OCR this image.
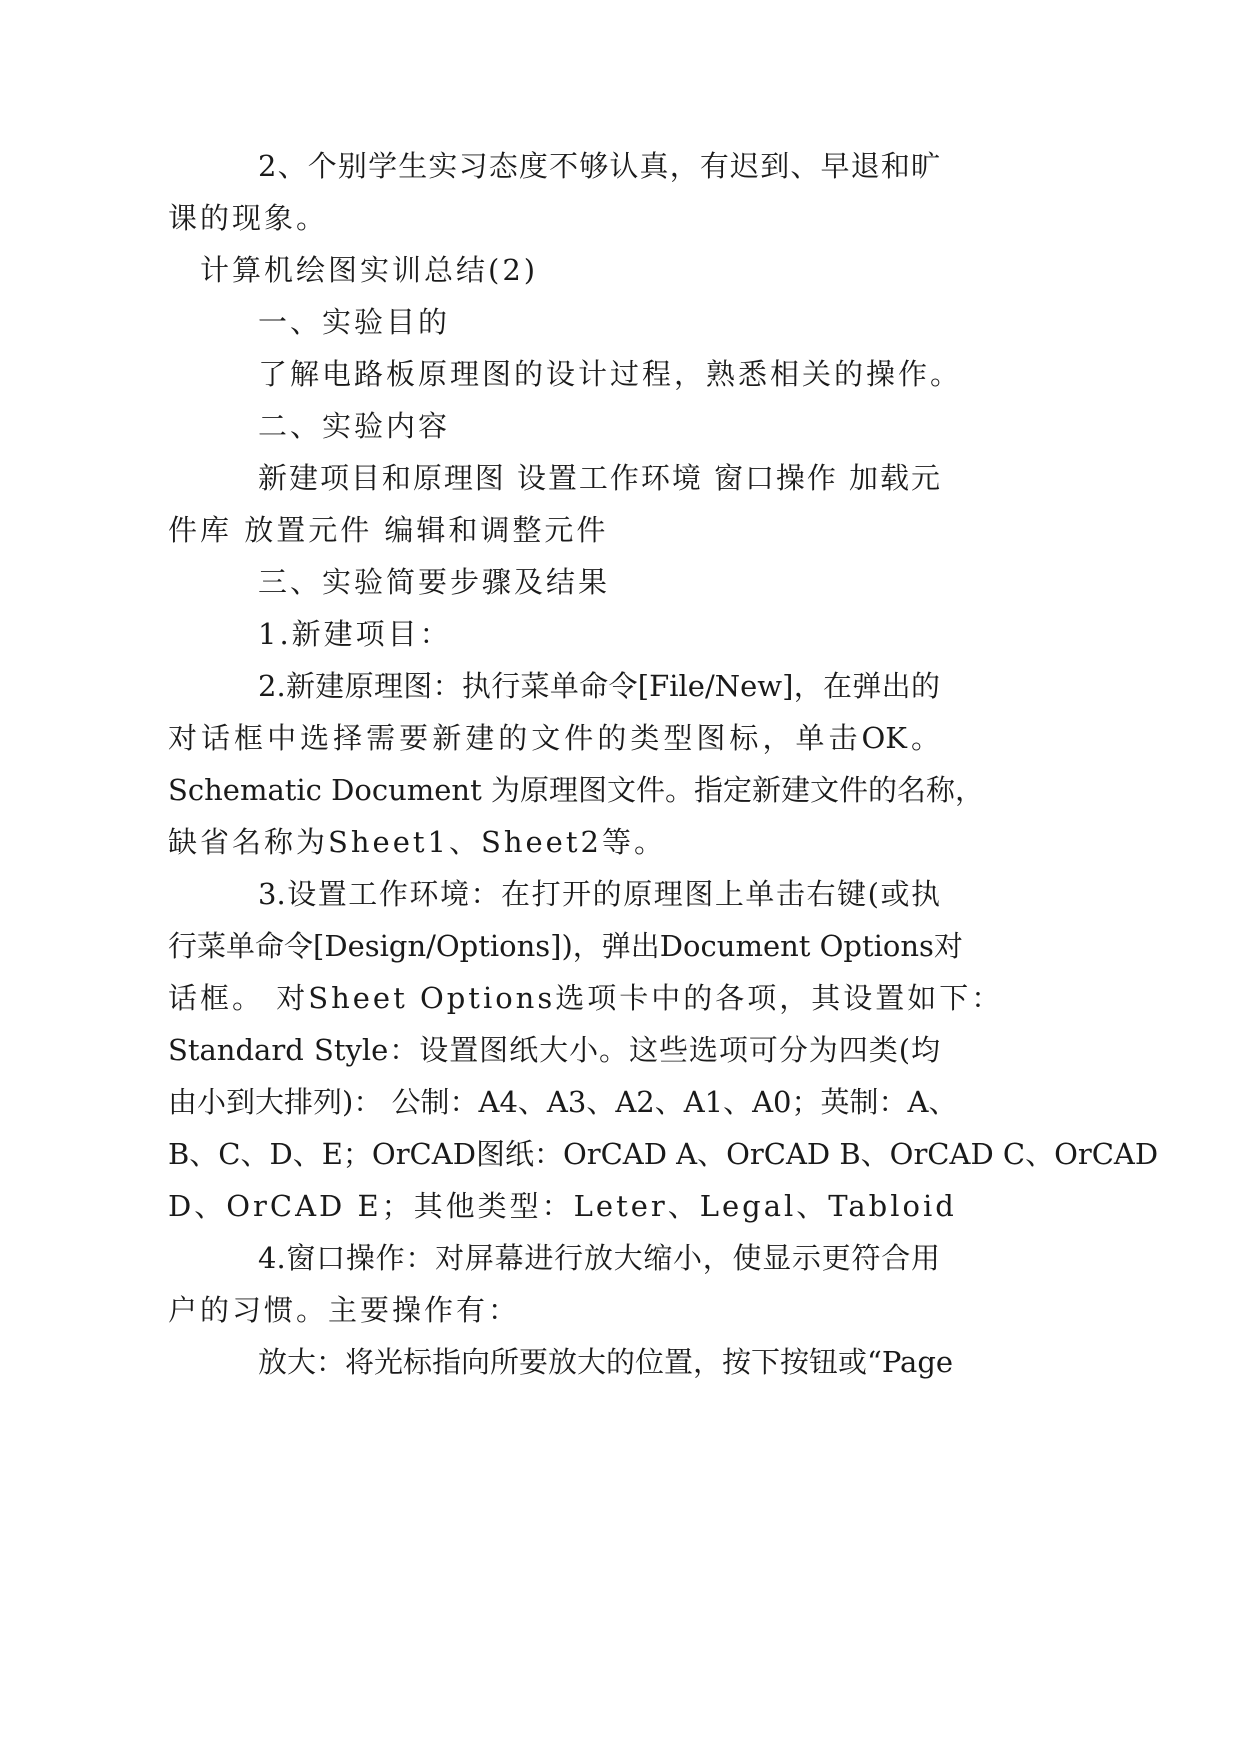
2、个别学生实习态度不够认真，有迟到、早退和旷
课的现象。
计算机绘图实训总结(2)
一、实验目的
了解电路板原理图的设计过程，熟悉相关的操作。
二、实验内容
新建项目和原理图 设置工作环境 窗口操作 加载元
件库 放置元件 编辑和调整元件
三、实验简要步骤及结果
1.新建项目：
2.新建原理图：执行菜单命令[File/New]，在弹出的
对话框中选择需要新建的文件的类型图标，单击OK。
Schematic Document 为原理图文件。指定新建文件的名称，
缺省名称为Sheet1、Sheet2等。
3.设置工作环境：在打开的原理图上单击右键(或执
行菜单命令[Design/Options])，弹出Document Options对
话框。 对Sheet Options选项卡中的各项，其设置如下：
Standard Style：设置图纸大小。这些选项可分为四类(均
由小到大排列)： 公制：A4、A3、A2、A1、A0；英制：A、
B、C、D、E；OrCAD图纸：OrCAD A、OrCAD B、OrCAD C、OrCAD
D、OrCAD E；其他类型：Leter、Legal、Tabloid
4.窗口操作：对屏幕进行放大缩小，使显示更符合用
户的习惯。主要操作有：
放大：将光标指向所要放大的位置，按下按钮或“Page
